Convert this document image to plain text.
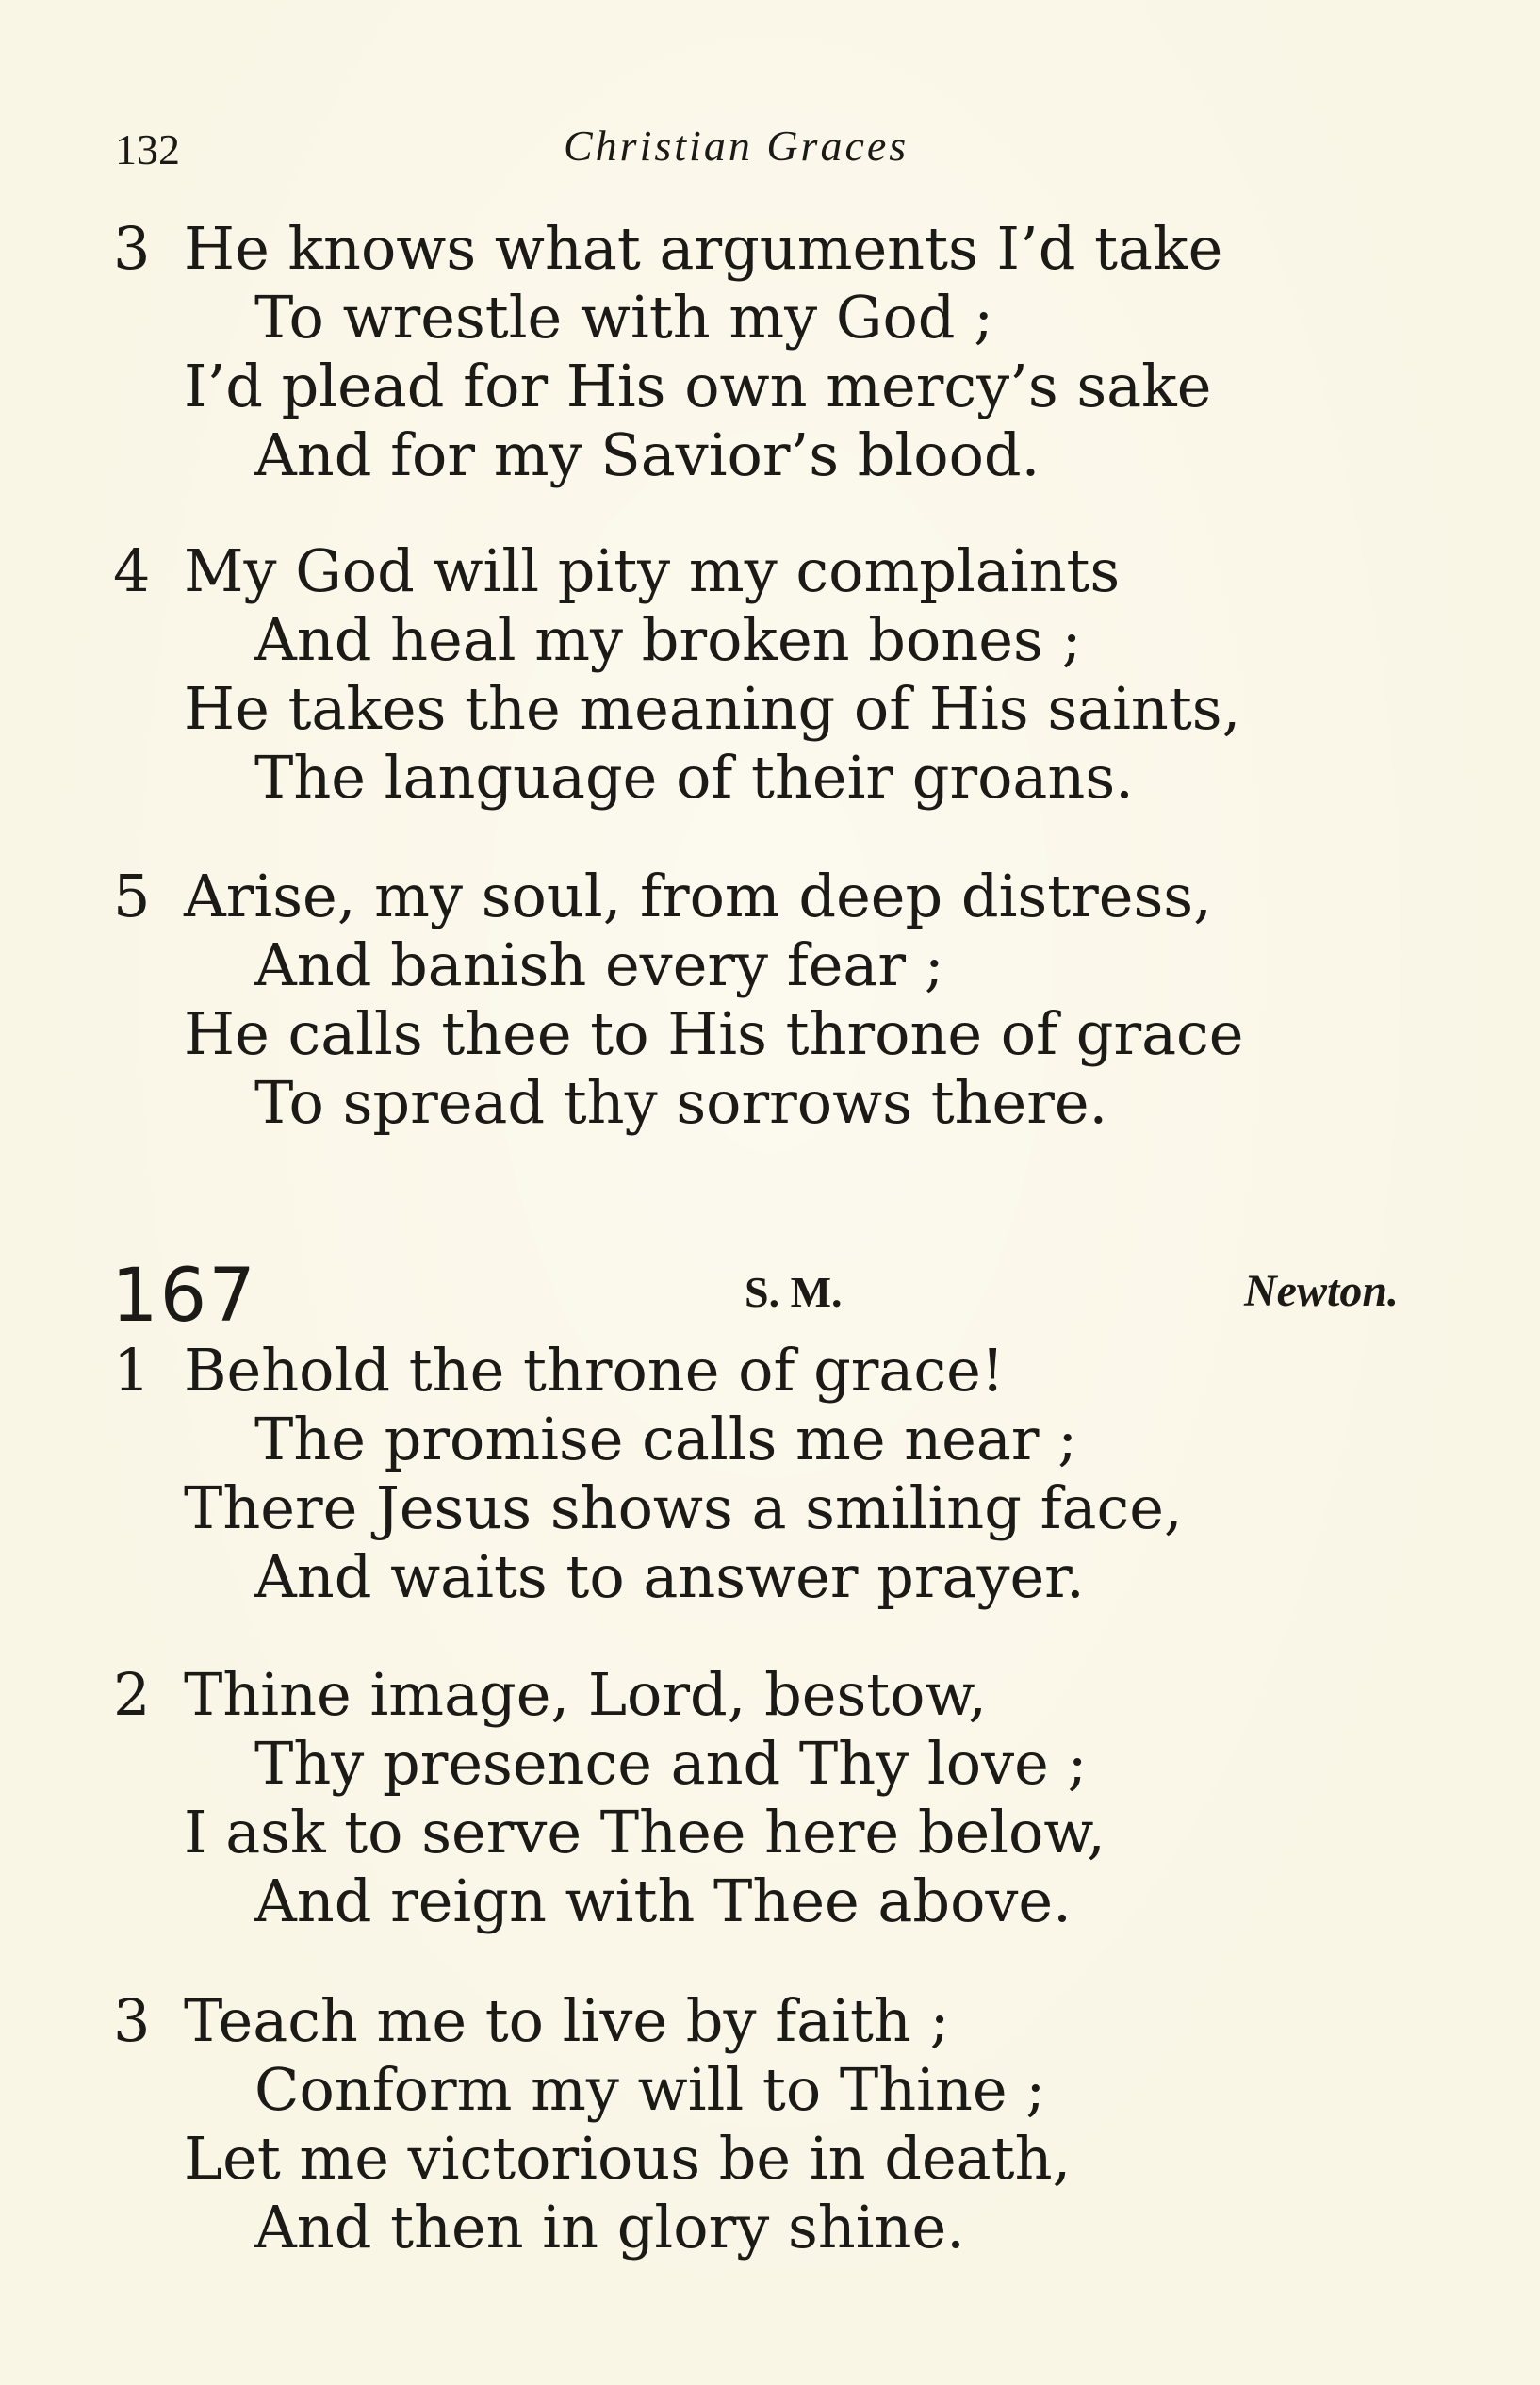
132	Christian Graces
3 He knows what arguments I’d take
To wrestle with my God ;
I’d plead for His own mercy’s sake
And for my Savior’s blood.
4 My God will pity my complaints
And heal my broken bones ;
He takes the meaning of His saints,
The language of their groans.
5 Arise, my soul, from deep distress,
And banish every fear ;
He calls thee to His throne of grace
To spread thy sorrows there.
167	S. M.	Newton.
1 Behold the throne of grace!
The promise calls me near ;
There Jesus shows a smiling face,
And waits to answer prayer.
2 Thine image, Lord, bestow,
Thy presence and Thy love ;
I ask to serve Thee here below,
And reign with Thee above.
3 Teach me to live by faith ;
Conform my will to Thine ;
Let me victorious be in death,
And then in glory shine.
